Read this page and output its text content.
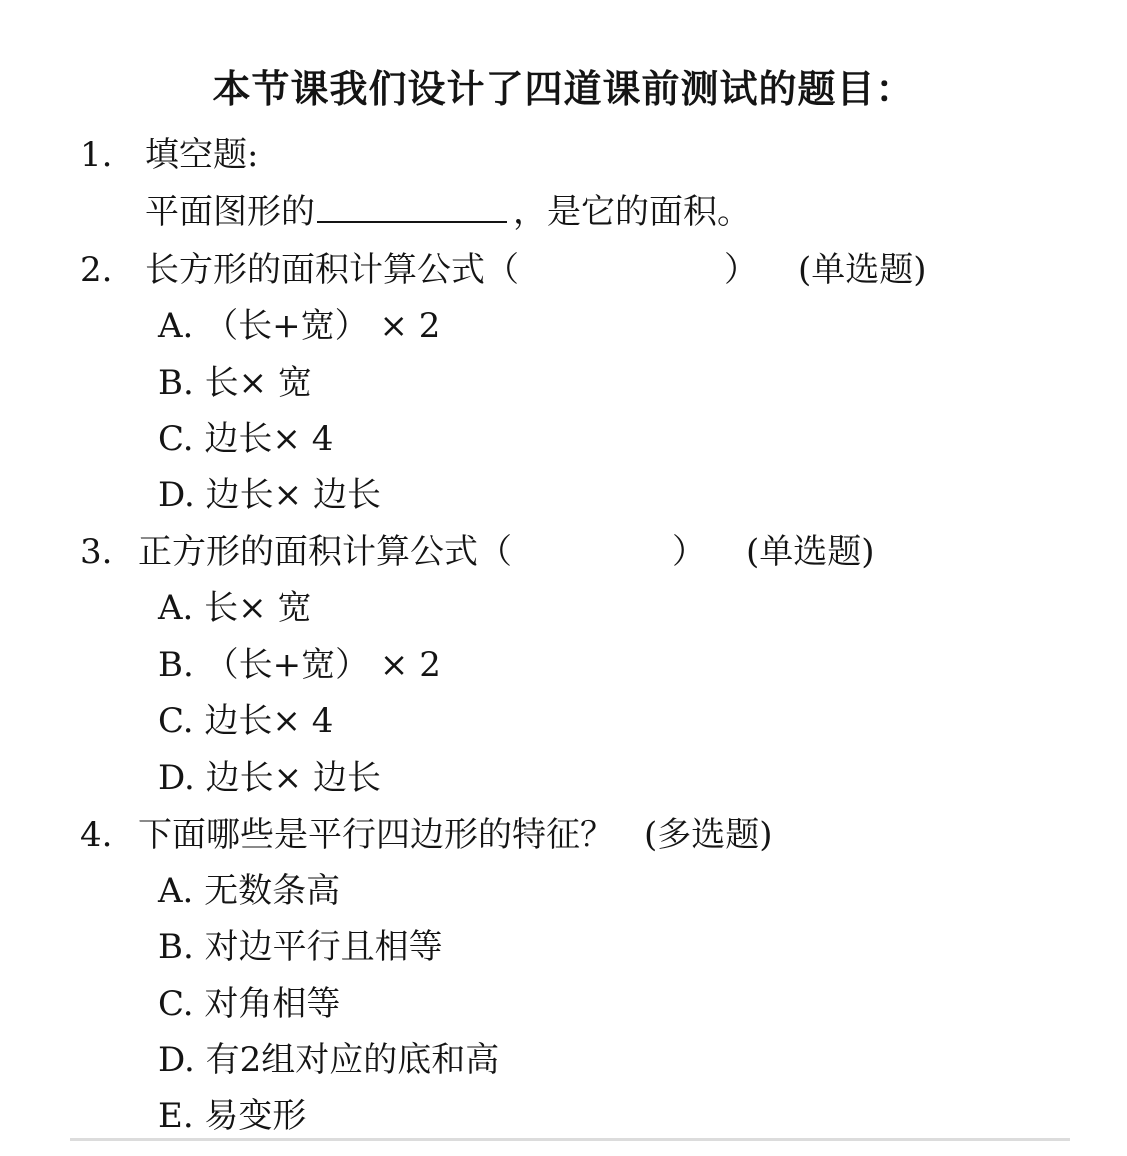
本节课我们设计了四道课前测试的题目：
1. 填空题:
平面图形的	，是它的面积。
2. 长方形的面积计算公式（	） (单选题)
A. （长+宽） × 2
B. 长× 宽
C. 边长× 4
D. 边长× 边长
3. 正方形的面积计算公式（	） (单选题)
A. 长× 宽
B. （长+宽） × 2
C. 边长× 4
D. 边长× 边长
4. 下面哪些是平行四边形的特征？ (多选题)
A. 无数条高
B. 对边平行且相等
C. 对角相等
D. 有2组对应的底和高
E. 易变形
